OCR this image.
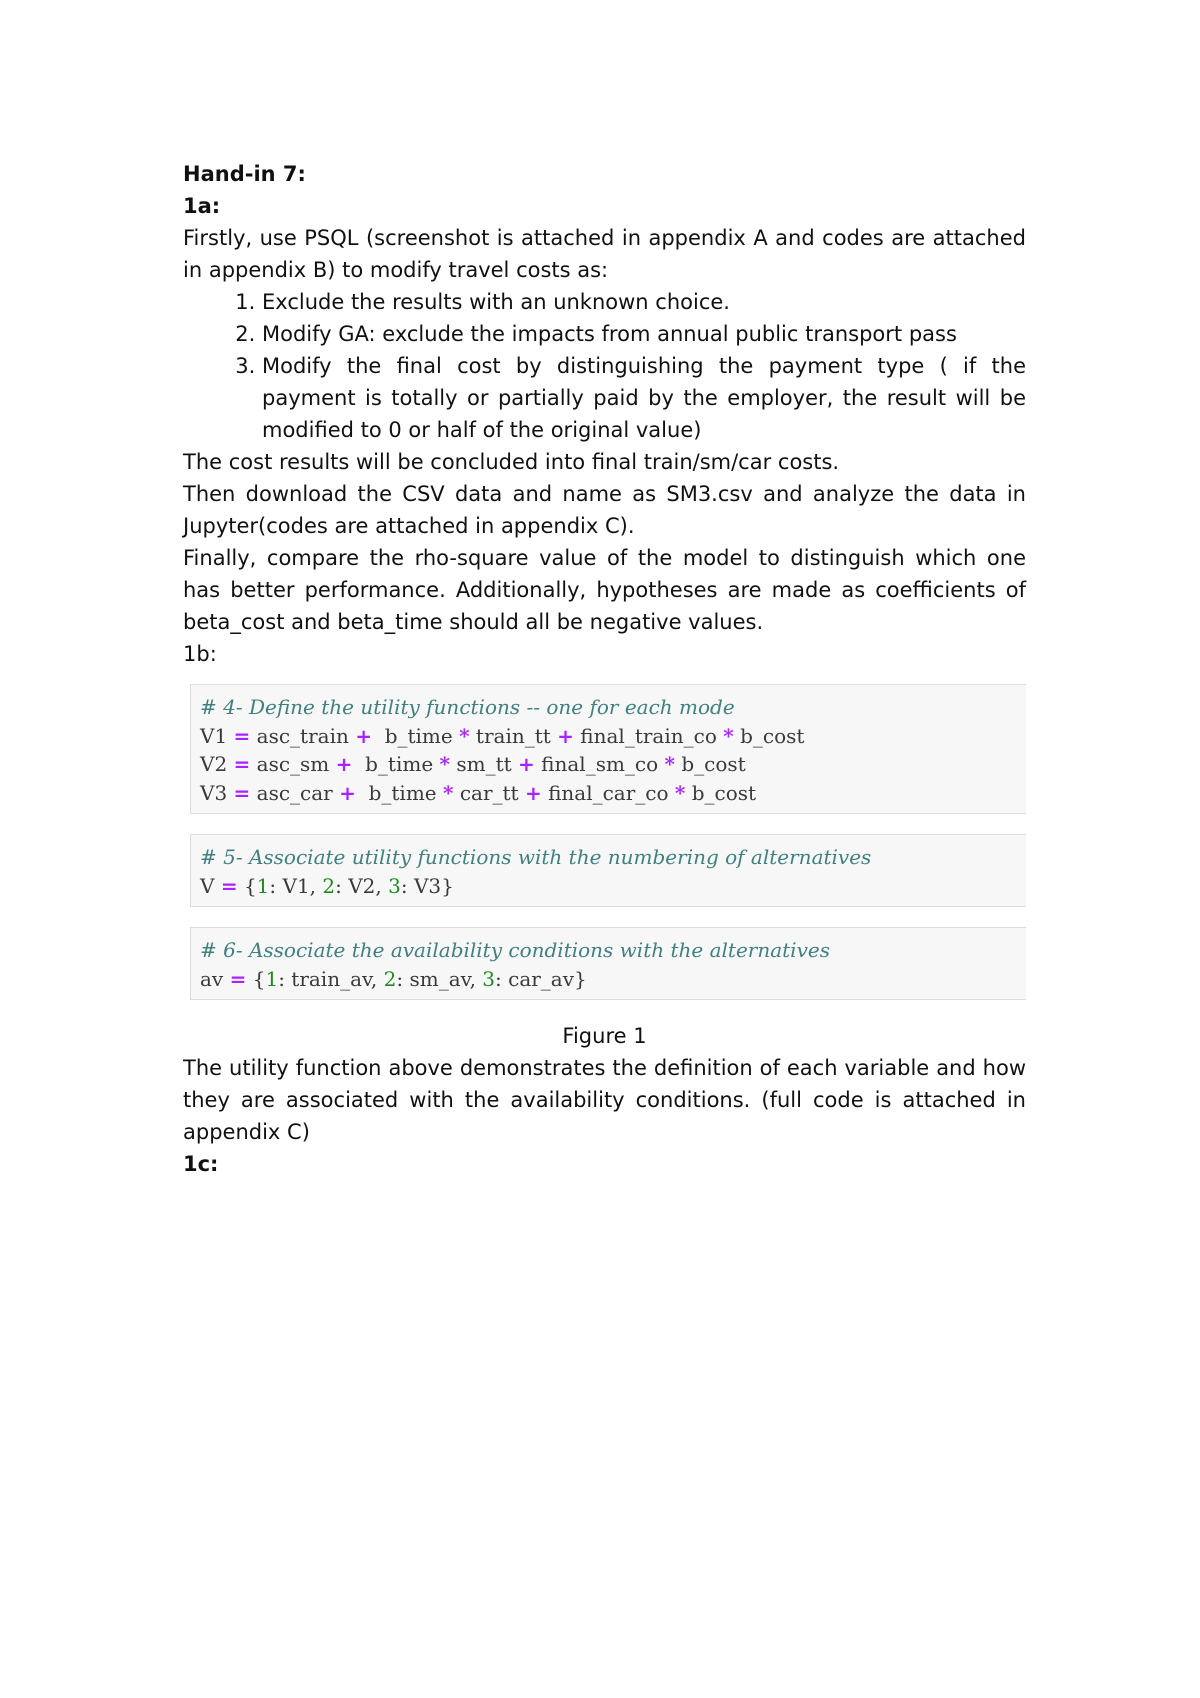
Hand-in 7:
1a:
Firstly, use PSQL (screenshot is attached in appendix A and codes are attached in appendix B) to modify travel costs as:
1. Exclude the results with an unknown choice.
2. Modify GA: exclude the impacts from annual public transport pass
3. Modify the final cost by distinguishing the payment type ( if the payment is totally or partially paid by the employer, the result will be modified to 0 or half of the original value)
The cost results will be concluded into final train/sm/car costs.
Then download the CSV data and name as SM3.csv and analyze the data in Jupyter(codes are attached in appendix C).
Finally, compare the rho-square value of the model to distinguish which one has better performance. Additionally, hypotheses are made as coefficients of beta_cost and beta_time should all be negative values.
1b:
# 4- Define the utility functions -- one for each mode
V1 = asc_train + b_time * train_tt + final_train_co * b_cost
V2 = asc_sm + b_time * sm_tt + final_sm_co * b_cost
V3 = asc_car + b_time * car_tt + final_car_co * b_cost
# 5- Associate utility functions with the numbering of alternatives
V = {1: V1, 2: V2, 3: V3}
# 6- Associate the availability conditions with the alternatives
av = {1: train_av, 2: sm_av, 3: car_av}
Figure 1
The utility function above demonstrates the definition of each variable and how they are associated with the availability conditions. (full code is attached in appendix C)
1c:
